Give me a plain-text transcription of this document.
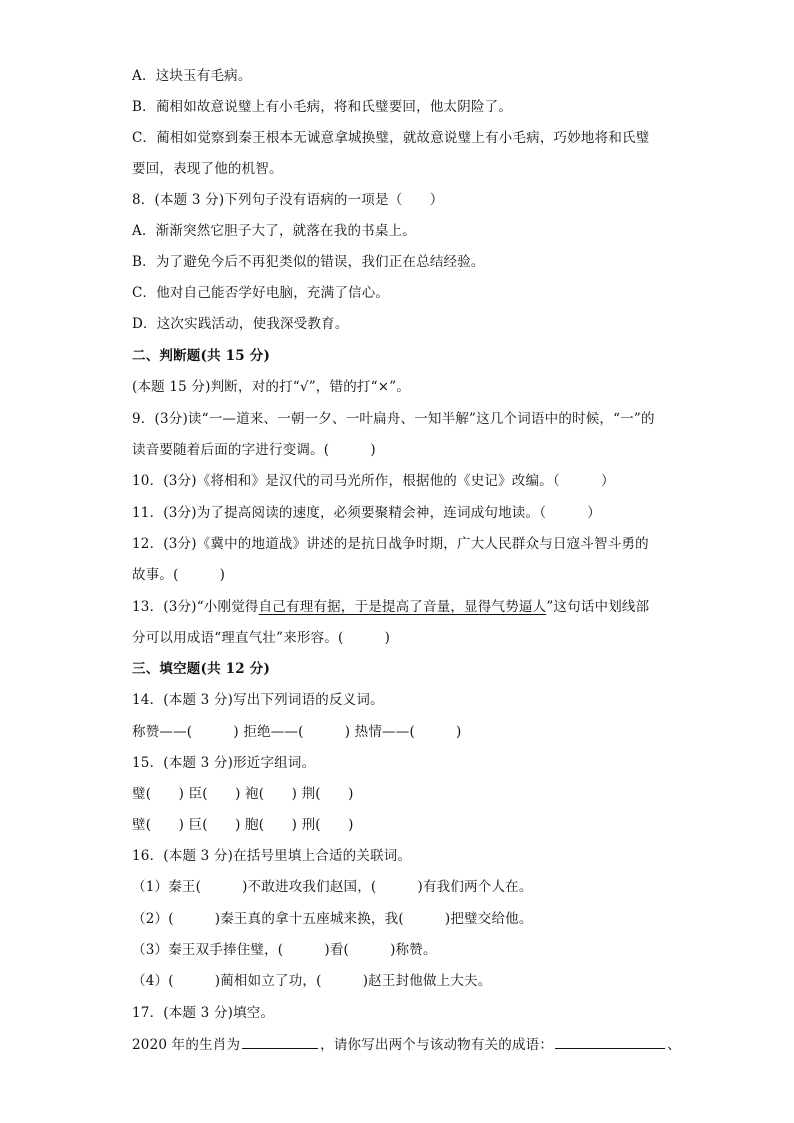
A．这块玉有毛病。
B．蔺相如故意说璧上有小毛病，将和氏璧要回，他太阴险了。
C．蔺相如觉察到秦王根本无诚意拿城换璧，就故意说璧上有小毛病，巧妙地将和氏璧
要回，表现了他的机智。
8．(本题 3 分)下列句子没有语病的一项是（　　）
A．渐渐突然它胆子大了，就落在我的书桌上。
B．为了避免今后不再犯类似的错误，我们正在总结经验。
C．他对自己能否学好电脑，充满了信心。
D．这次实践活动，使我深受教育。
二、判断题(共 15 分)
(本题 15 分)判断，对的打“√”，错的打“×”。
9．(3分)读“一—道来、一朝一夕、一叶扁舟、一知半解”这几个词语中的时候，“一”的
读音要随着后面的字进行变调。(　　　)
10．(3分)《将相和》是汉代的司马光所作，根据他的《史记》改编。（　　　）
11．(3分)为了提高阅读的速度，必须要聚精会神，连词成句地读。（　　　）
12．(3分)《冀中的地道战》讲述的是抗日战争时期，广大人民群众与日寇斗智斗勇的
故事。(　　　)
13．(3分)“小刚觉得自己有理有据，于是提高了音量，显得气势逼人”这句话中划线部
分可以用成语“理直气壮”来形容。(　　　)
三、填空题(共 12 分)
14．(本题 3 分)写出下列词语的反义词。
称赞——(　　　) 拒绝——(　　　) 热情——(　　　)
15．(本题 3 分)形近字组词。
璧(　　) 臣(　　) 袍(　　) 荆(　　)
壁(　　) 巨(　　) 胞(　　) 刑(　　)
16．(本题 3 分)在括号里填上合适的关联词。
（1）秦王(　　　)不敢进攻我们赵国，(　　　)有我们两个人在。
（2）(　　　)秦王真的拿十五座城来换，我(　　　)把璧交给他。
（3）秦王双手捧住璧，(　　　)看(　　　)称赞。
（4）(　　　)蔺相如立了功，(　　　)赵王封他做上大夫。
17．(本题 3 分)填空。
2020 年的生肖为	，请你写出两个与该动物有关的成语：	、
